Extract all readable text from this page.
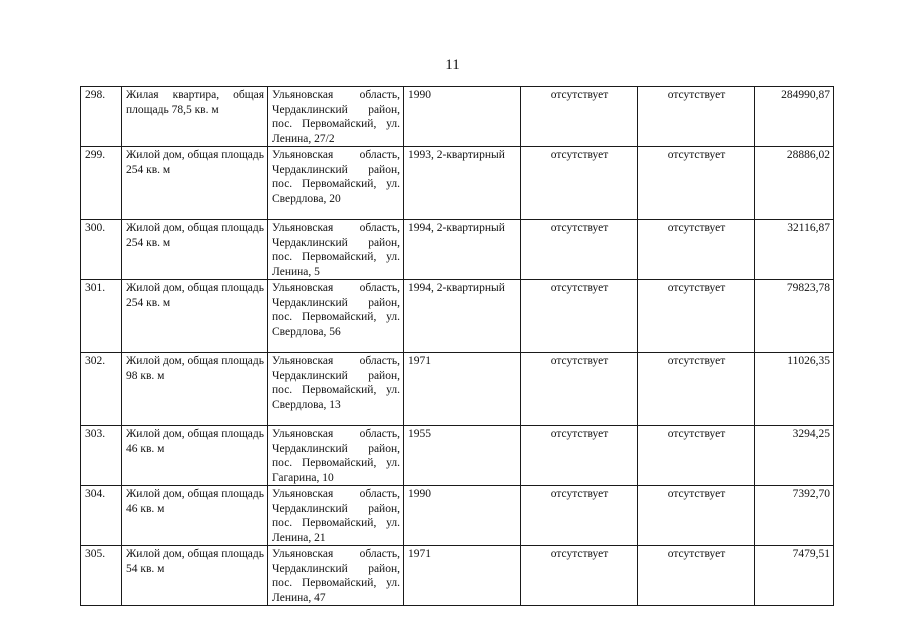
11
298.	Жилая квартира, общая площадь 78,5 кв. м	Ульяновская область, Чердаклинский район, пос. Первомайский, ул. Ленина, 27/2	1990	отсутствует	отсутствует	284990,87
299.	Жилой дом, общая площадь 254 кв. м	Ульяновская область, Чердаклинский район, пос. Первомайский, ул. Свердлова, 20	1993, 2-квартирный	отсутствует	отсутствует	28886,02
300.	Жилой дом, общая площадь 254 кв. м	Ульяновская область, Чердаклинский район, пос. Первомайский, ул. Ленина, 5	1994, 2-квартирный	отсутствует	отсутствует	32116,87
301.	Жилой дом, общая площадь 254 кв. м	Ульяновская область, Чердаклинский район, пос. Первомайский, ул. Свердлова, 56	1994, 2-квартирный	отсутствует	отсутствует	79823,78
302.	Жилой дом, общая площадь 98 кв. м	Ульяновская область, Чердаклинский район, пос. Первомайский, ул. Свердлова, 13	1971	отсутствует	отсутствует	11026,35
303.	Жилой дом, общая площадь 46 кв. м	Ульяновская область, Чердаклинский район, пос. Первомайский, ул. Гагарина, 10	1955	отсутствует	отсутствует	3294,25
304.	Жилой дом, общая площадь 46 кв. м	Ульяновская область, Чердаклинский район, пос. Первомайский, ул. Ленина, 21	1990	отсутствует	отсутствует	7392,70
305.	Жилой дом, общая площадь 54 кв. м	Ульяновская область, Чердаклинский район, пос. Первомайский, ул. Ленина, 47	1971	отсутствует	отсутствует	7479,51
